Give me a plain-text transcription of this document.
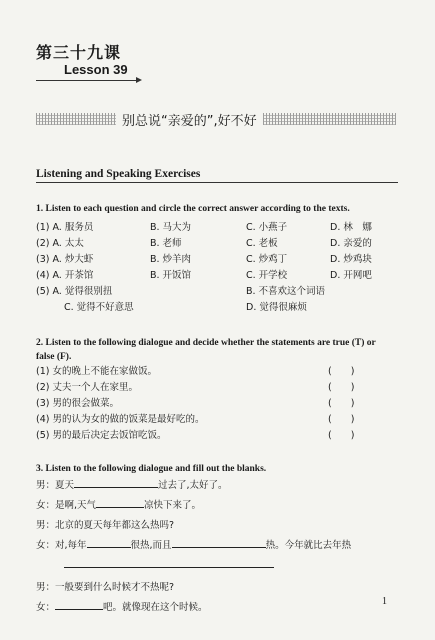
第三十九课
Lesson 39
别总说“亲爱的”,好不好
Listening and Speaking Exercises
1. Listen to each question and circle the correct answer according to the texts.
(1) A. 服务员	B. 马大为	C. 小燕子	D. 林　娜
(2) A. 太太	B. 老师	C. 老板	D. 亲爱的
(3) A. 炒大虾	B. 炒羊肉	C. 炒鸡丁	D. 炒鸡块
(4) A. 开茶馆	B. 开饭馆	C. 开学校	D. 开网吧
(5) A. 觉得很别扭	B. 不喜欢这个词语
C. 觉得不好意思	D. 觉得很麻烦
2. Listen to the following dialogue and decide whether the statements are true (T) or false (F).
(1) 女的晚上不能在家做饭。	(　　)
(2) 丈夫一个人在家里。	(　　)
(3) 男的很会做菜。	(　　)
(4) 男的认为女的做的饭菜是最好吃的。	(　　)
(5) 男的最后决定去饭馆吃饭。	(　　)
3. Listen to the following dialogue and fill out the blanks.
男：夏天	过去了,太好了。
女：是啊,天气	凉快下来了。
男：北京的夏天每年都这么热吗?
女：对,每年	很热,而且	热。今年就比去年热
男：一般要到什么时候才不热呢?
女：	吧。就像现在这个时候。
1
